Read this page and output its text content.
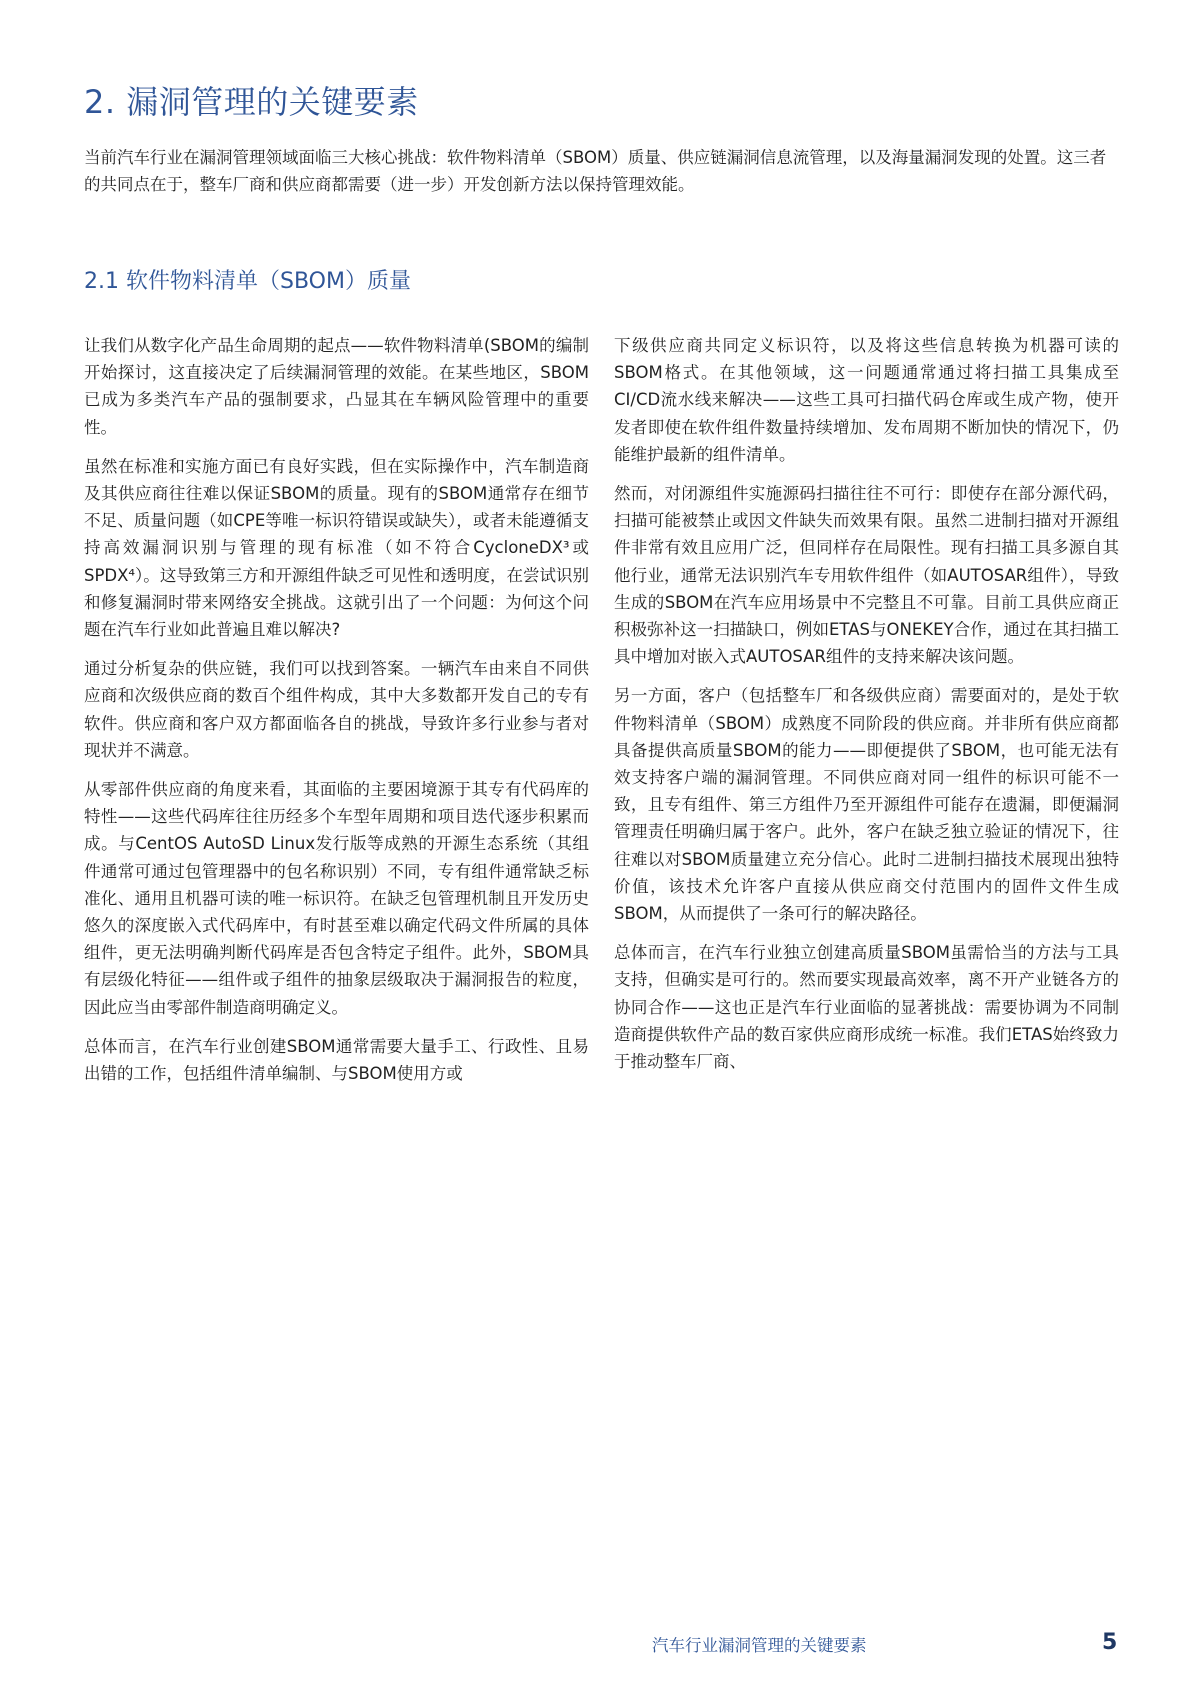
2. 漏洞管理的关键要素

当前汽车行业在漏洞管理领域面临三大核心挑战：软件物料清单（SBOM）质量、供应链漏洞信息流管理，以及海量漏洞发现的处置。这三者的共同点在于，整车厂商和供应商都需要（进一步）开发创新方法以保持管理效能。

2.1 软件物料清单（SBOM）质量

让我们从数字化产品生命周期的起点——软件物料清单(SBOM的编制开始探讨，这直接决定了后续漏洞管理的效能。在某些地区，SBOM已成为多类汽车产品的强制要求，凸显其在车辆风险管理中的重要性。

虽然在标准和实施方面已有良好实践，但在实际操作中，汽车制造商及其供应商往往难以保证SBOM的质量。现有的SBOM通常存在细节不足、质量问题（如CPE等唯一标识符错误或缺失），或者未能遵循支持高效漏洞识别与管理的现有标准（如不符合CycloneDX³或SPDX⁴）。这导致第三方和开源组件缺乏可见性和透明度，在尝试识别和修复漏洞时带来网络安全挑战。这就引出了一个问题：为何这个问题在汽车行业如此普遍且难以解决?

通过分析复杂的供应链，我们可以找到答案。一辆汽车由来自不同供应商和次级供应商的数百个组件构成，其中大多数都开发自己的专有软件。供应商和客户双方都面临各自的挑战，导致许多行业参与者对现状并不满意。

从零部件供应商的角度来看，其面临的主要困境源于其专有代码库的特性——这些代码库往往历经多个车型年周期和项目迭代逐步积累而成。与CentOS AutoSD Linux发行版等成熟的开源生态系统（其组件通常可通过包管理器中的包名称识别）不同，专有组件通常缺乏标准化、通用且机器可读的唯一标识符。在缺乏包管理机制且开发历史悠久的深度嵌入式代码库中，有时甚至难以确定代码文件所属的具体组件，更无法明确判断代码库是否包含特定子组件。此外，SBOM具有层级化特征——组件或子组件的抽象层级取决于漏洞报告的粒度，因此应当由零部件制造商明确定义。

总体而言，在汽车行业创建SBOM通常需要大量手工、行政性、且易出错的工作，包括组件清单编制、与SBOM使用方或

下级供应商共同定义标识符，以及将这些信息转换为机器可读的SBOM格式。在其他领域，这一问题通常通过将扫描工具集成至CI/CD流水线来解决——这些工具可扫描代码仓库或生成产物，使开发者即使在软件组件数量持续增加、发布周期不断加快的情况下，仍能维护最新的组件清单。

然而，对闭源组件实施源码扫描往往不可行：即使存在部分源代码，扫描可能被禁止或因文件缺失而效果有限。虽然二进制扫描对开源组件非常有效且应用广泛，但同样存在局限性。现有扫描工具多源自其他行业，通常无法识别汽车专用软件组件（如AUTOSAR组件），导致生成的SBOM在汽车应用场景中不完整且不可靠。目前工具供应商正积极弥补这一扫描缺口，例如ETAS与ONEKEY合作，通过在其扫描工具中增加对嵌入式AUTOSAR组件的支持来解决该问题。

另一方面，客户（包括整车厂和各级供应商）需要面对的，是处于软件物料清单（SBOM）成熟度不同阶段的供应商。并非所有供应商都具备提供高质量SBOM的能力——即便提供了SBOM，也可能无法有效支持客户端的漏洞管理。不同供应商对同一组件的标识可能不一致，且专有组件、第三方组件乃至开源组件可能存在遗漏，即便漏洞管理责任明确归属于客户。此外，客户在缺乏独立验证的情况下，往往难以对SBOM质量建立充分信心。此时二进制扫描技术展现出独特价值，该技术允许客户直接从供应商交付范围内的固件文件生成SBOM，从而提供了一条可行的解决路径。

总体而言，在汽车行业独立创建高质量SBOM虽需恰当的方法与工具支持，但确实是可行的。然而要实现最高效率，离不开产业链各方的协同合作——这也正是汽车行业面临的显著挑战：需要协调为不同制造商提供软件产品的数百家供应商形成统一标准。我们ETAS始终致力于推动整车厂商、

汽车行业漏洞管理的关键要素	5
